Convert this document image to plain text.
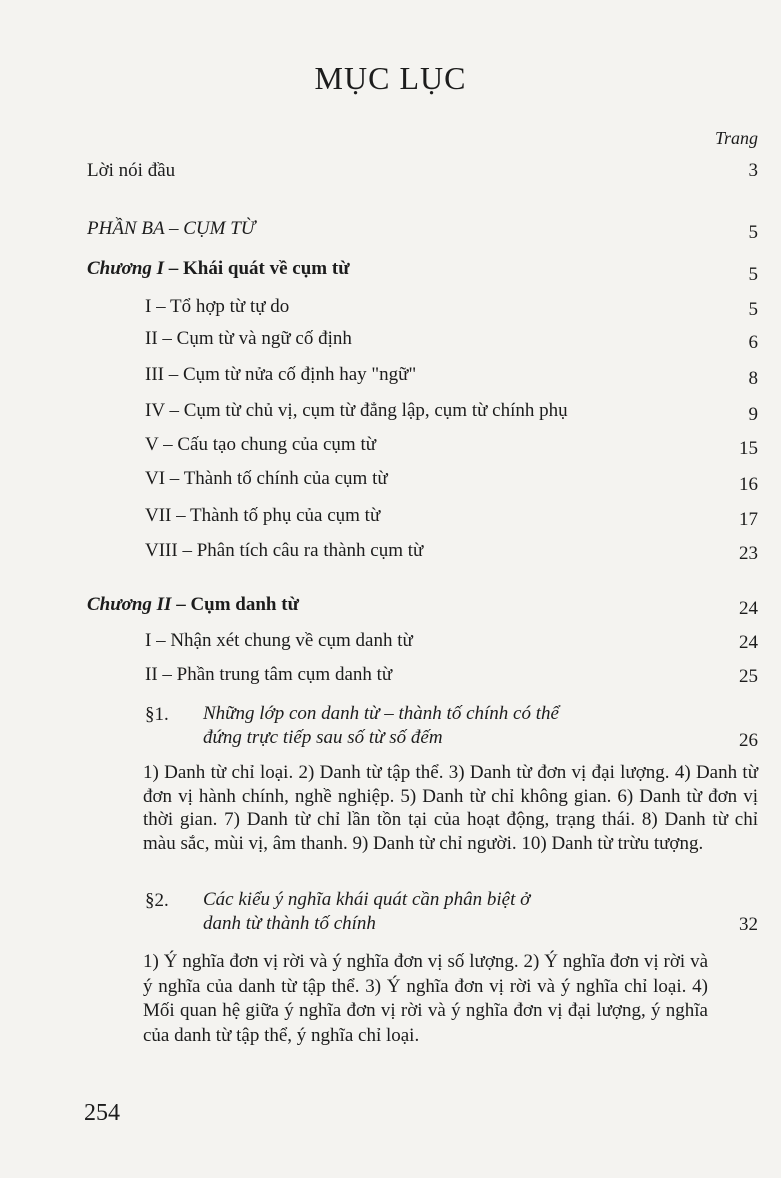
MỤC LỤC
Trang
Lời nói đầu	3
PHẦN BA – CỤM TỪ	5
Chương I – Khái quát về cụm từ	5
I – Tổ hợp từ tự do	5
II – Cụm từ và ngữ cố định	6
III – Cụm từ nửa cố định hay "ngữ"	8
IV – Cụm từ chủ vị, cụm từ đẳng lập, cụm từ chính phụ	9
V – Cấu tạo chung của cụm từ	15
VI – Thành tố chính của cụm từ	16
VII – Thành tố phụ của cụm từ	17
VIII – Phân tích câu ra thành cụm từ	23
Chương II – Cụm danh từ	24
I – Nhận xét chung về cụm danh từ	24
II – Phần trung tâm cụm danh từ	25
§1. Những lớp con danh từ – thành tố chính có thể
đứng trực tiếp sau số từ số đếm	26
1) Danh từ chỉ loại. 2) Danh từ tập thể. 3) Danh từ đơn vị đại lượng. 4) Danh từ đơn vị hành chính, nghề nghiệp. 5) Danh từ chỉ không gian. 6) Danh từ đơn vị thời gian. 7) Danh từ chỉ lần tồn tại của hoạt động, trạng thái. 8) Danh từ chỉ màu sắc, mùi vị, âm thanh. 9) Danh từ chỉ người. 10) Danh từ trừu tượng.
§2. Các kiểu ý nghĩa khái quát cần phân biệt ở
danh từ thành tố chính	32
1) Ý nghĩa đơn vị rời và ý nghĩa đơn vị số lượng. 2) Ý nghĩa đơn vị rời và ý nghĩa của danh từ tập thể. 3) Ý nghĩa đơn vị rời và ý nghĩa chỉ loại. 4) Mối quan hệ giữa ý nghĩa đơn vị rời và ý nghĩa đơn vị đại lượng, ý nghĩa của danh từ tập thể, ý nghĩa chỉ loại.
254
